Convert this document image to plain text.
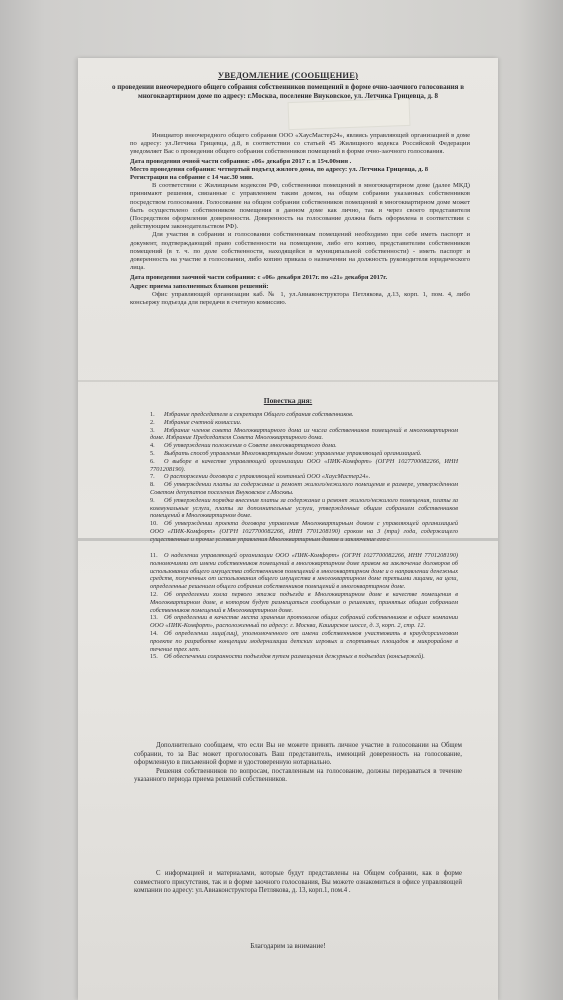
УВЕДОМЛЕНИЕ (СООБЩЕНИЕ)
о проведении внеочередного общего собрания собственников помещений в форме очно-заочного голосования в многоквартирном доме по адресу: г.Москва, поселение Внуковское, ул. Летчика Грицевца, д. 8

Инициатор внеочередного общего собрания ООО «ХаусМастер24», являясь управляющей организацией в доме по адресу: ул.Летчика Грицевца, д.8, в соответствии со статьей 45 Жилищного кодекса Российской Федерации уведомляет Вас о проведении общего собрания собственников помещений в форме очно-заочного голосования.

Дата проведения очной части собрания: «06» декабря 2017 г. в 15ч.00мин .

Место проведения собрания: четвертый подъезд жилого дома, по адресу: ул. Летчика Грицевца, д. 8

Регистрация на собрание с 14 час.30 мин.

В соответствии с Жилищным кодексом РФ, собственники помещений в многоквартирном доме (далее МКД) принимают решения, связанные с управлением таким домом, на общем собрании указанных собственников посредством голосования. Голосование на общем собрании собственников помещений в многоквартирном доме может быть осуществлено собственником помещения в данном доме как лично, так и через своего представителя (Посредством оформления доверенности. Доверенность на голосование должна быть оформлена в соответствии с действующим законодательством РФ).

Для участия в собрании и голосовании собственникам помещений необходимо при себе иметь паспорт и документ, подтверждающий право собственности на помещение, либо его копию, представителям собственников помещений (в т. ч. по доле собственности, находящейся в муниципальной собственности) - иметь паспорт и доверенность на участие в голосовании, либо копию приказа о назначении на должность руководителя юридического лица.

Дата проведения заочной части собрания: с «06» декабря 2017г. по «21» декабря 2017г.

Адрес приема заполненных бланков решений:

Офис управляющей организации каб. № 1, ул.Авиаконструктора Петлякова, д.13, корп. 1, пом. 4, либо консьержу подъезда для передачи в счетную комиссию.

Повестка дня:

1. Избрание председателя и секретаря Общего собрания собственников.

2. Избрание счетной комиссии.

3. Избрание членов совета Многоквартирного дома из числа собственников помещений в многоквартирном доме. Избрание Председателя Совета Многоквартирного дома.

4. Об утверждении положения о Совете многоквартирного дома.

5. Выбрать способ управления Многоквартирным домом: управление управляющей организацией.

6. О выборе в качестве управляющей организации ООО «ПИК-Комфорт» (ОГРН 1027700082266, ИНН 7701208190).

7. О расторжении договора с управляющей компанией ООО «ХаусМастер24».

8. Об утверждении платы за содержание и ремонт жилого/нежилого помещения в размере, утвержденном Советом депутатов поселения Внуковское г.Москвы.

9. Об утверждении порядка внесения платы за содержание и ремонт жилого/нежилого помещения, платы за коммунальные услуги, платы за дополнительные услуги, утвержденные общим собранием собственников помещений в Многоквартирном доме.

10. Об утверждении проекта договора управления Многоквартирным домом с управляющей организацией ООО «ПИК-Комфорт» (ОГРН 1027700082266, ИНН 7701208190) сроком на 3 (три) года, содержащего существенные и прочие условия управления Многоквартирным домом и заключение его с

11. О наделении управляющей организации ООО «ПИК-Комфорт» (ОГРН 1027700082266, ИНН 7701208190) полномочиями от имени собственников помещений в многоквартирном доме правом на заключение договоров об использовании общего имущества собственников помещений в многоквартирном доме и о направлении денежных средств, полученных от использования общего имущества в многоквартирном доме третьими лицами, на цели, определенные решением общего собрания собственников помещений в многоквартирном доме.

12. Об определении холла первого этажа подъезда в Многоквартирном доме в качестве помещения в Многоквартирном доме, в котором будут размещаться сообщения о решениях, принятых общим собранием собственников помещений в Многоквартирном доме.

13. Об определении в качестве места хранения протоколов общих собраний собственников в офисе компании ООО «ПИК-Комфорт», расположенный по адресу: г. Москва, Каширское шоссе, д. 3, корп. 2, стр. 12.

14. Об определении лица(лиц), уполномоченного от имени собственников участвовать в краудсорсинговом проекте по разработке концепции модернизации детских игровых и спортивных площадок в микрорайоне в течение трех лет.

15. Об обеспечении сохранности подъездов путем размещения дежурных в подъездах (консьержей).

Дополнительно сообщаем, что если Вы не можете принять личное участие в голосовании на Общем собрании, то за Вас может проголосовать Ваш представитель, имеющий доверенность на голосование, оформленную в письменной форме и удостоверенную нотариально.

Решения собственников по вопросам, поставленным на голосование, должны передаваться в течение указанного периода приема решений собственников.

С информацией и материалами, которые будут представлены на Общем собрании, как в форме совместного присутствия, так и в форме заочного голосования, Вы можете ознакомиться в офисе управляющей компании по адресу: ул.Авиаконструктора Петлякова, д. 13, корп.1, пом.4 .

Благодарим за внимание!
